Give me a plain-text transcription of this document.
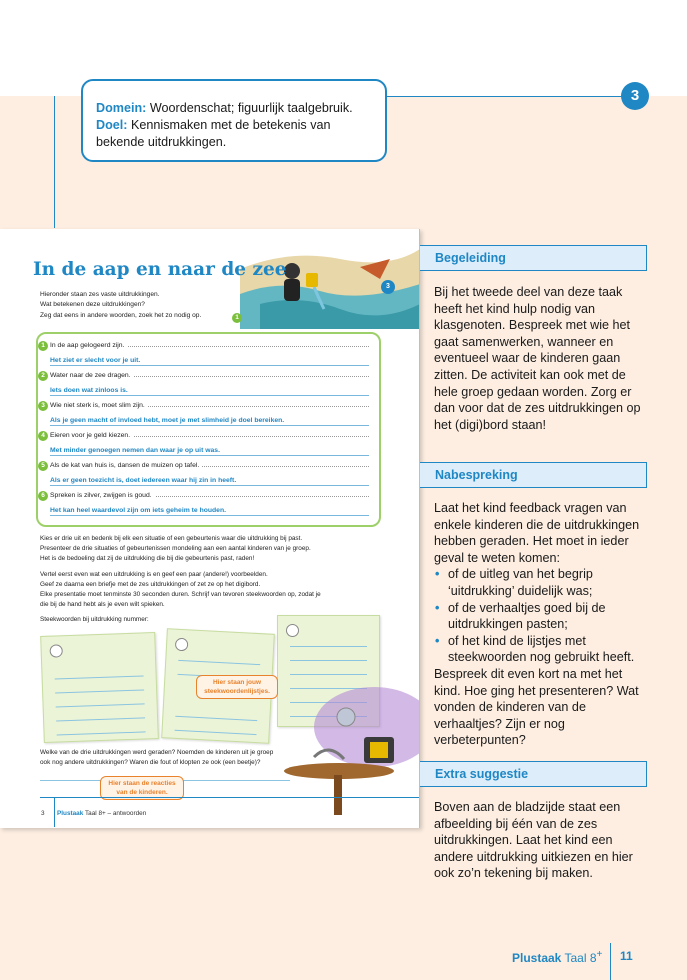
Domein: Woordenschat; figuurlijk taalgebruik.
Doel: Kennismaken met de betekenis van bekende uitdrukkingen.
3
In de aap en naar de zee
3
Hieronder staan zes vaste uitdrukkingen.
Wat betekenen deze uitdrukkingen?
Zeg dat eens in andere woorden, zoek het zo nodig op.	1
1 In de aap gelogeerd zijn.
Het ziet er slecht voor je uit.
2 Water naar de zee dragen.
Iets doen wat zinloos is.
3 Wie niet sterk is, moet slim zijn.
Als je geen macht of invloed hebt, moet je met slimheid je doel bereiken.
4 Eieren voor je geld kiezen.
Met minder genoegen nemen dan waar je op uit was.
5 Als de kat van huis is, dansen de muizen op tafel.
Als er geen toezicht is, doet iedereen waar hij zin in heeft.
6 Spreken is zilver, zwijgen is goud.
Het kan heel waardevol zijn om iets geheim te houden.
Kies er drie uit en bedenk bij elk een situatie of een gebeurtenis waar die uitdrukking bij past.
Presenteer de drie situaties of gebeurtenissen mondeling aan een aantal kinderen van je groep.
Het is de bedoeling dat zij de uitdrukking die bij die gebeurtenis past, raden!
Vertel eerst even wat een uitdrukking is en geef een paar (andere!) voorbeelden.
Geef ze daarna een briefje met de zes uitdrukkingen of zet ze op het digibord.
Elke presentatie moet tenminste 30 seconden duren. Schrijf van tevoren steekwoorden op, zodat je
die bij de hand hebt als je even wilt spieken.
Steekwoorden bij uitdrukking nummer:
Hier staan jouw steekwoordenlijstjes.
Welke van de drie uitdrukkingen werd geraden? Noemden de kinderen uit je groep
ook nog andere uitdrukkingen? Waren die fout of klopten ze ook (een beetje)?
Hier staan de reacties van de kinderen.
3 Plustaak Taal 8+ – antwoorden
Begeleiding
Bij het tweede deel van deze taak heeft het kind hulp nodig van klasgenoten. Bespreek met wie het gaat samenwerken, wanneer en eventueel waar de kinderen gaan zitten. De activiteit kan ook met de hele groep gedaan worden. Zorg er dan voor dat de zes uitdrukkingen op het (digi)bord staan!
Nabespreking
Laat het kind feedback vragen van enkele kinderen die de uitdrukkingen hebben geraden. Het moet in ieder geval te weten komen:
• of de uitleg van het begrip ‘uitdrukking’ duidelijk was;
• of de verhaaltjes goed bij de uitdrukkingen pasten;
• of het kind de lijstjes met steekwoorden nog gebruikt heeft.
Bespreek dit even kort na met het kind. Hoe ging het presenteren? Wat vonden de kinderen van de verhaaltjes? Zijn er nog verbeterpunten?
Extra suggestie
Boven aan de bladzijde staat een afbeelding bij één van de zes uitdrukkingen. Laat het kind een andere uitdrukking uitkiezen en hier ook zo’n tekening bij maken.
Plustaak Taal 8+ 11
